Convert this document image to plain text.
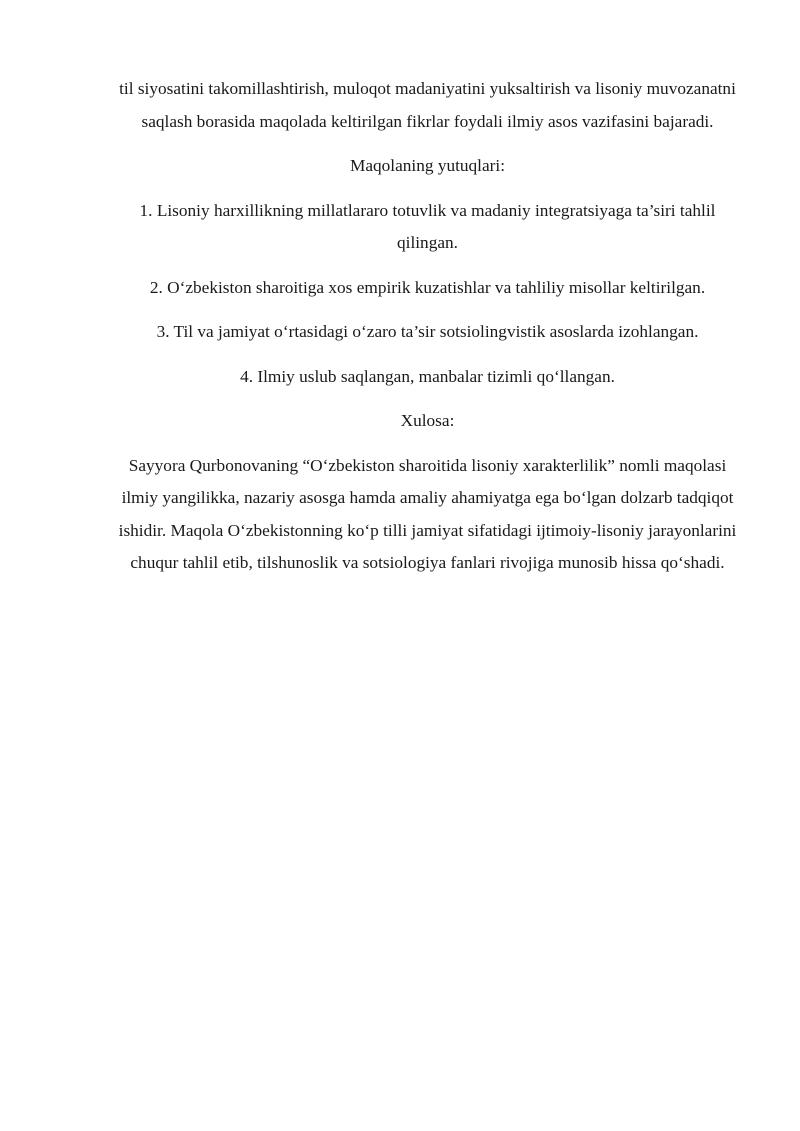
til siyosatini takomillashtirish, muloqot madaniyatini yuksaltirish va lisoniy muvozanatni saqlash borasida maqolada keltirilgan fikrlar foydali ilmiy asos vazifasini bajaradi.

Maqolaning yutuqlari:

1. Lisoniy harxillikning millatlararo totuvlik va madaniy integratsiyaga ta’siri tahlil qilingan.

2. O‘zbekiston sharoitiga xos empirik kuzatishlar va tahliliy misollar keltirilgan.

3. Til va jamiyat o‘rtasidagi o‘zaro ta’sir sotsiolingvistik asoslarda izohlangan.

4. Ilmiy uslub saqlangan, manbalar tizimli qo‘llangan.

Xulosa:

Sayyora Qurbonovaning “O‘zbekiston sharoitida lisoniy xarakterlilik” nomli maqolasi ilmiy yangilikka, nazariy asosga hamda amaliy ahamiyatga ega bo‘lgan dolzarb tadqiqot ishidir. Maqola O‘zbekistonning ko‘p tilli jamiyat sifatidagi ijtimoiy-lisoniy jarayonlarini chuqur tahlil etib, tilshunoslik va sotsiologiya fanlari rivojiga munosib hissa qo‘shadi.
